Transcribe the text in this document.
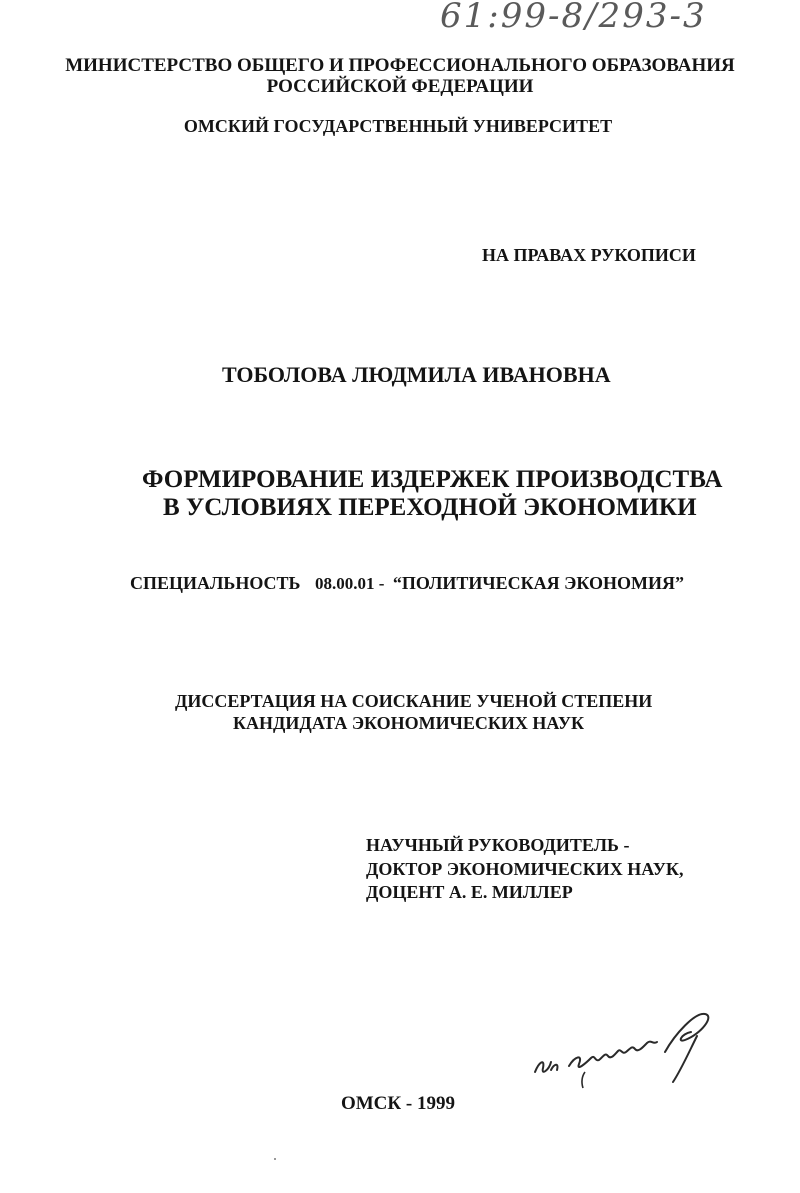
61:99-8/293-3
МИНИСТЕРСТВО ОБЩЕГО И ПРОФЕССИОНАЛЬНОГО ОБРАЗОВАНИЯ
РОССИЙСКОЙ ФЕДЕРАЦИИ
ОМСКИЙ ГОСУДАРСТВЕННЫЙ УНИВЕРСИТЕТ
НА ПРАВАХ РУКОПИСИ
ТОБОЛОВА ЛЮДМИЛА ИВАНОВНА
ФОРМИРОВАНИЕ ИЗДЕРЖЕК ПРОИЗВОДСТВА
В УСЛОВИЯХ ПЕРЕХОДНОЙ ЭКОНОМИКИ
СПЕЦИАЛЬНОСТЬ 08.00.01 - “ПОЛИТИЧЕСКАЯ ЭКОНОМИЯ”
ДИССЕРТАЦИЯ НА СОИСКАНИЕ УЧЕНОЙ СТЕПЕНИ
КАНДИДАТА ЭКОНОМИЧЕСКИХ НАУК
НАУЧНЫЙ РУКОВОДИТЕЛЬ -
ДОКТОР ЭКОНОМИЧЕСКИХ НАУК,
ДОЦЕНТ А. Е. МИЛЛЕР
ОМСК - 1999
